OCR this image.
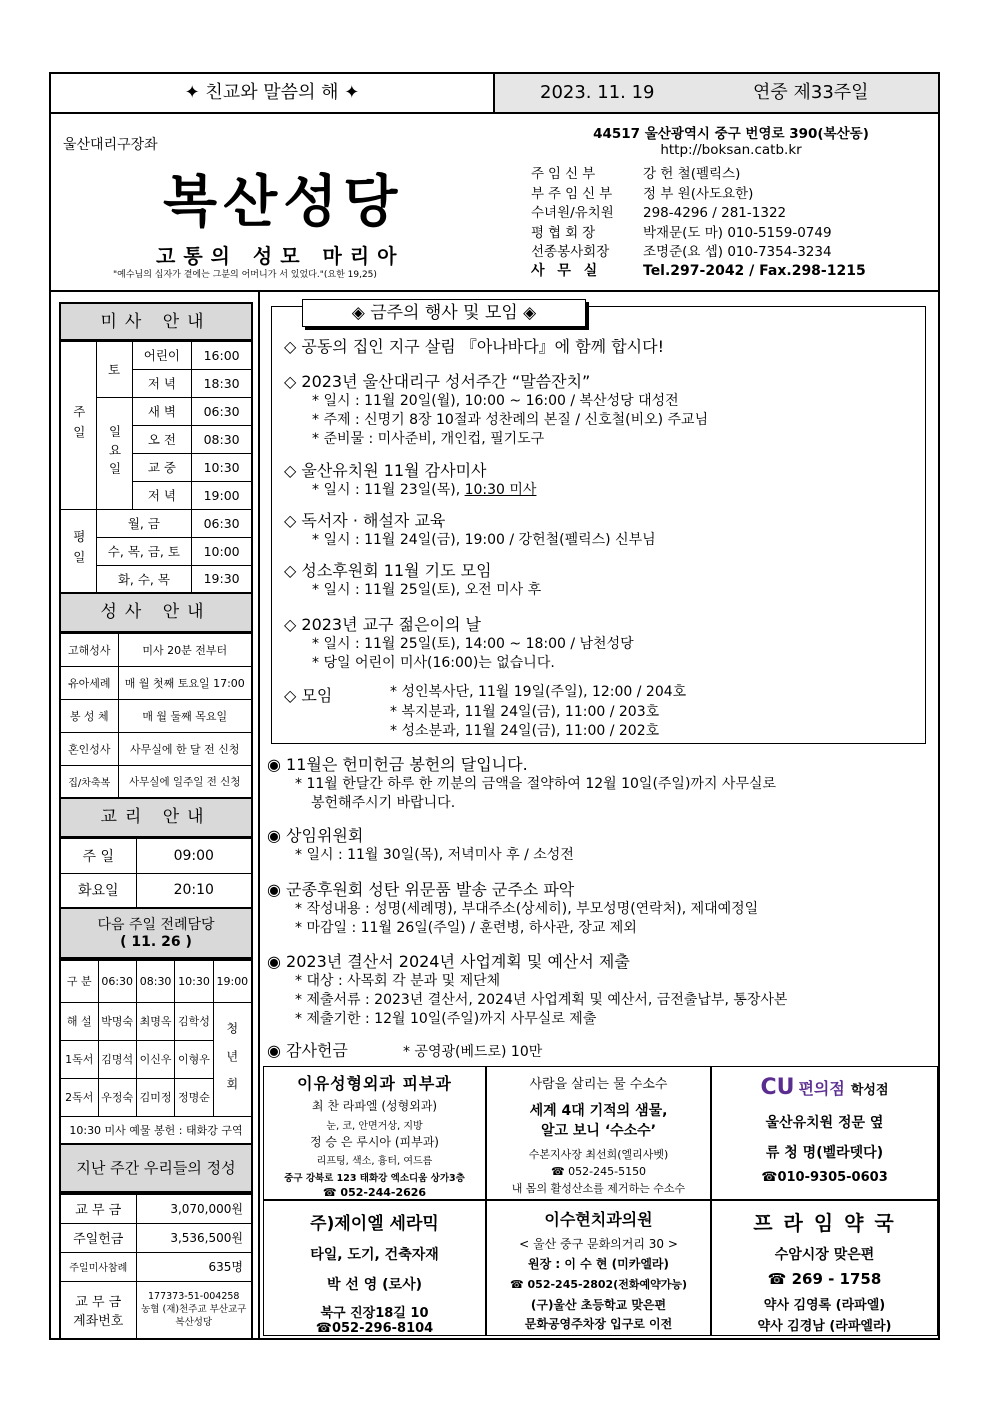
✦ 친교와 말씀의 해 ✦	2023. 11. 19	연중 제33주일
울산대리구장좌
복산성당
고통의 성모 마리아
"예수님의 십자가 곁에는 그분의 어머니가 서 있었다."(요한 19,25)
44517 울산광역시 중구 번영로 390(복산동)
http://boksan.catb.kr
주임신부	강 헌 철(펠릭스)
부주임신부 정 부 원(사도요한)
수녀원/유치원 298-4296 / 281-1322
평협회장	박재문(도 마) 010-5159-0749
선종봉사회장	조명준(요 셉) 010-7354-3234
사 무 실	Tel.297-2042 / Fax.298-1215
미사 안내
주일	토	어린이	16:00
		저 녁	18:30
	일요일	새 벽	06:30
		오 전	08:30
		교 중	10:30
		저 녁	19:00
평일	월, 금		06:30
	수, 목, 금, 토		10:00
	화, 수, 목		19:30
성사 안내
고해성사	미사 20분 전부터
유아세례	매 월 첫째 토요일 17:00
봉 성 체	매 월 둘째 목요일
혼인성사	사무실에 한 달 전 신청
집/차축복	사무실에 일주일 전 신청
교리 안내
주 일	09:00
화요일	20:10
다음 주일 전례담당
( 11. 26 )
구 분	06:30	08:30	10:30	19:00
해 설	박명숙	최명옥	김학성	청 년 회
1독서	김명석	이신우	이형우	
2독서	우정숙	김미정	정명순	
10:30 미사 예물 봉헌 : 태화강 구역				
지난 주간 우리들의 정성
교 무 금	3,070,000원
주일헌금	3,536,500원
주일미사참례	635명
교 무 금 계좌번호	177373-51-004258
농협 (재)천주교 부산교구
복산성당
◈ 금주의 행사 및 모임 ◈
◇ 공동의 집인 지구 살림 『아나바다』에 함께 합시다!
◇ 2023년 울산대리구 성서주간 “말씀잔치”
* 일시 : 11월 20일(월), 10:00 ~ 16:00 / 복산성당 대성전
* 주제 : 신명기 8장 10절과 성찬례의 본질 / 신호철(비오) 주교님
* 준비물 : 미사준비, 개인컵, 필기도구
◇ 울산유치원 11월 감사미사
* 일시 : 11월 23일(목), 10:30 미사
◇ 독서자 · 해설자 교육
* 일시 : 11월 24일(금), 19:00 / 강헌철(펠릭스) 신부님
◇ 성소후원회 11월 기도 모임
* 일시 : 11월 25일(토), 오전 미사 후
◇ 2023년 교구 젊은이의 날
* 일시 : 11월 25일(토), 14:00 ~ 18:00 / 남천성당
* 당일 어린이 미사(16:00)는 없습니다.
◇ 모임	* 성인복사단, 11월 19일(주일), 12:00 / 204호
* 복지분과, 11월 24일(금), 11:00 / 203호
* 성소분과, 11월 24일(금), 11:00 / 202호
◉ 11월은 헌미헌금 봉헌의 달입니다.
* 11월 한달간 하루 한 끼분의 금액을 절약하여 12월 10일(주일)까지 사무실로
봉헌해주시기 바랍니다.
◉ 상임위원회
* 일시 : 11월 30일(목), 저녁미사 후 / 소성전
◉ 군종후원회 성탄 위문품 발송 군주소 파악
* 작성내용 : 성명(세례명), 부대주소(상세히), 부모성명(연락처), 제대예정일
* 마감일 : 11월 26일(주일) / 훈련병, 하사관, 장교 제외
◉ 2023년 결산서 2024년 사업계획 및 예산서 제출
* 대상 : 사목회 각 분과 및 제단체
* 제출서류 : 2023년 결산서, 2024년 사업계획 및 예산서, 금전출납부, 통장사본
* 제출기한 : 12월 10일(주일)까지 사무실로 제출
◉ 감사헌금	* 공영광(베드로) 10만
이유성형외과 피부과
최 찬 라파엘 (성형외과)
눈, 코, 안면거상, 지방
정 승 은 루시아 (피부과)
리프팅, 색소, 흉터, 여드름
중구 강북로 123 태화강 엑소디움 상가3층
☎ 052-244-2626
사람을 살리는 물 수소수
세계 4대 기적의 샘물,
알고 보니 ‘수소수’
수본지사장 최선희(엘리사벳)
☎ 052-245-5150
내 몸의 활성산소를 제거하는 수소수
CU 편의점 학성점
울산유치원 정문 옆
류 청 명(벨라뎃다)
☎010-9305-0603
주)제이엘 세라믹
타일, 도기, 건축자재
박 선 영 (로사)
북구 진장18길 10
☎052-296-8104
이수현치과의원
< 울산 중구 문화의거리 30 >
원장 : 이 수 현 (미카엘라)
☎ 052-245-2802(전화예약가능)
(구)울산 초등학교 맞은편
문화공영주차장 입구로 이전
프 라 임 약 국
수암시장 맞은편
☎ 269 - 1758
약사 김영록 (라파엘)
약사 김경남 (라파엘라)
